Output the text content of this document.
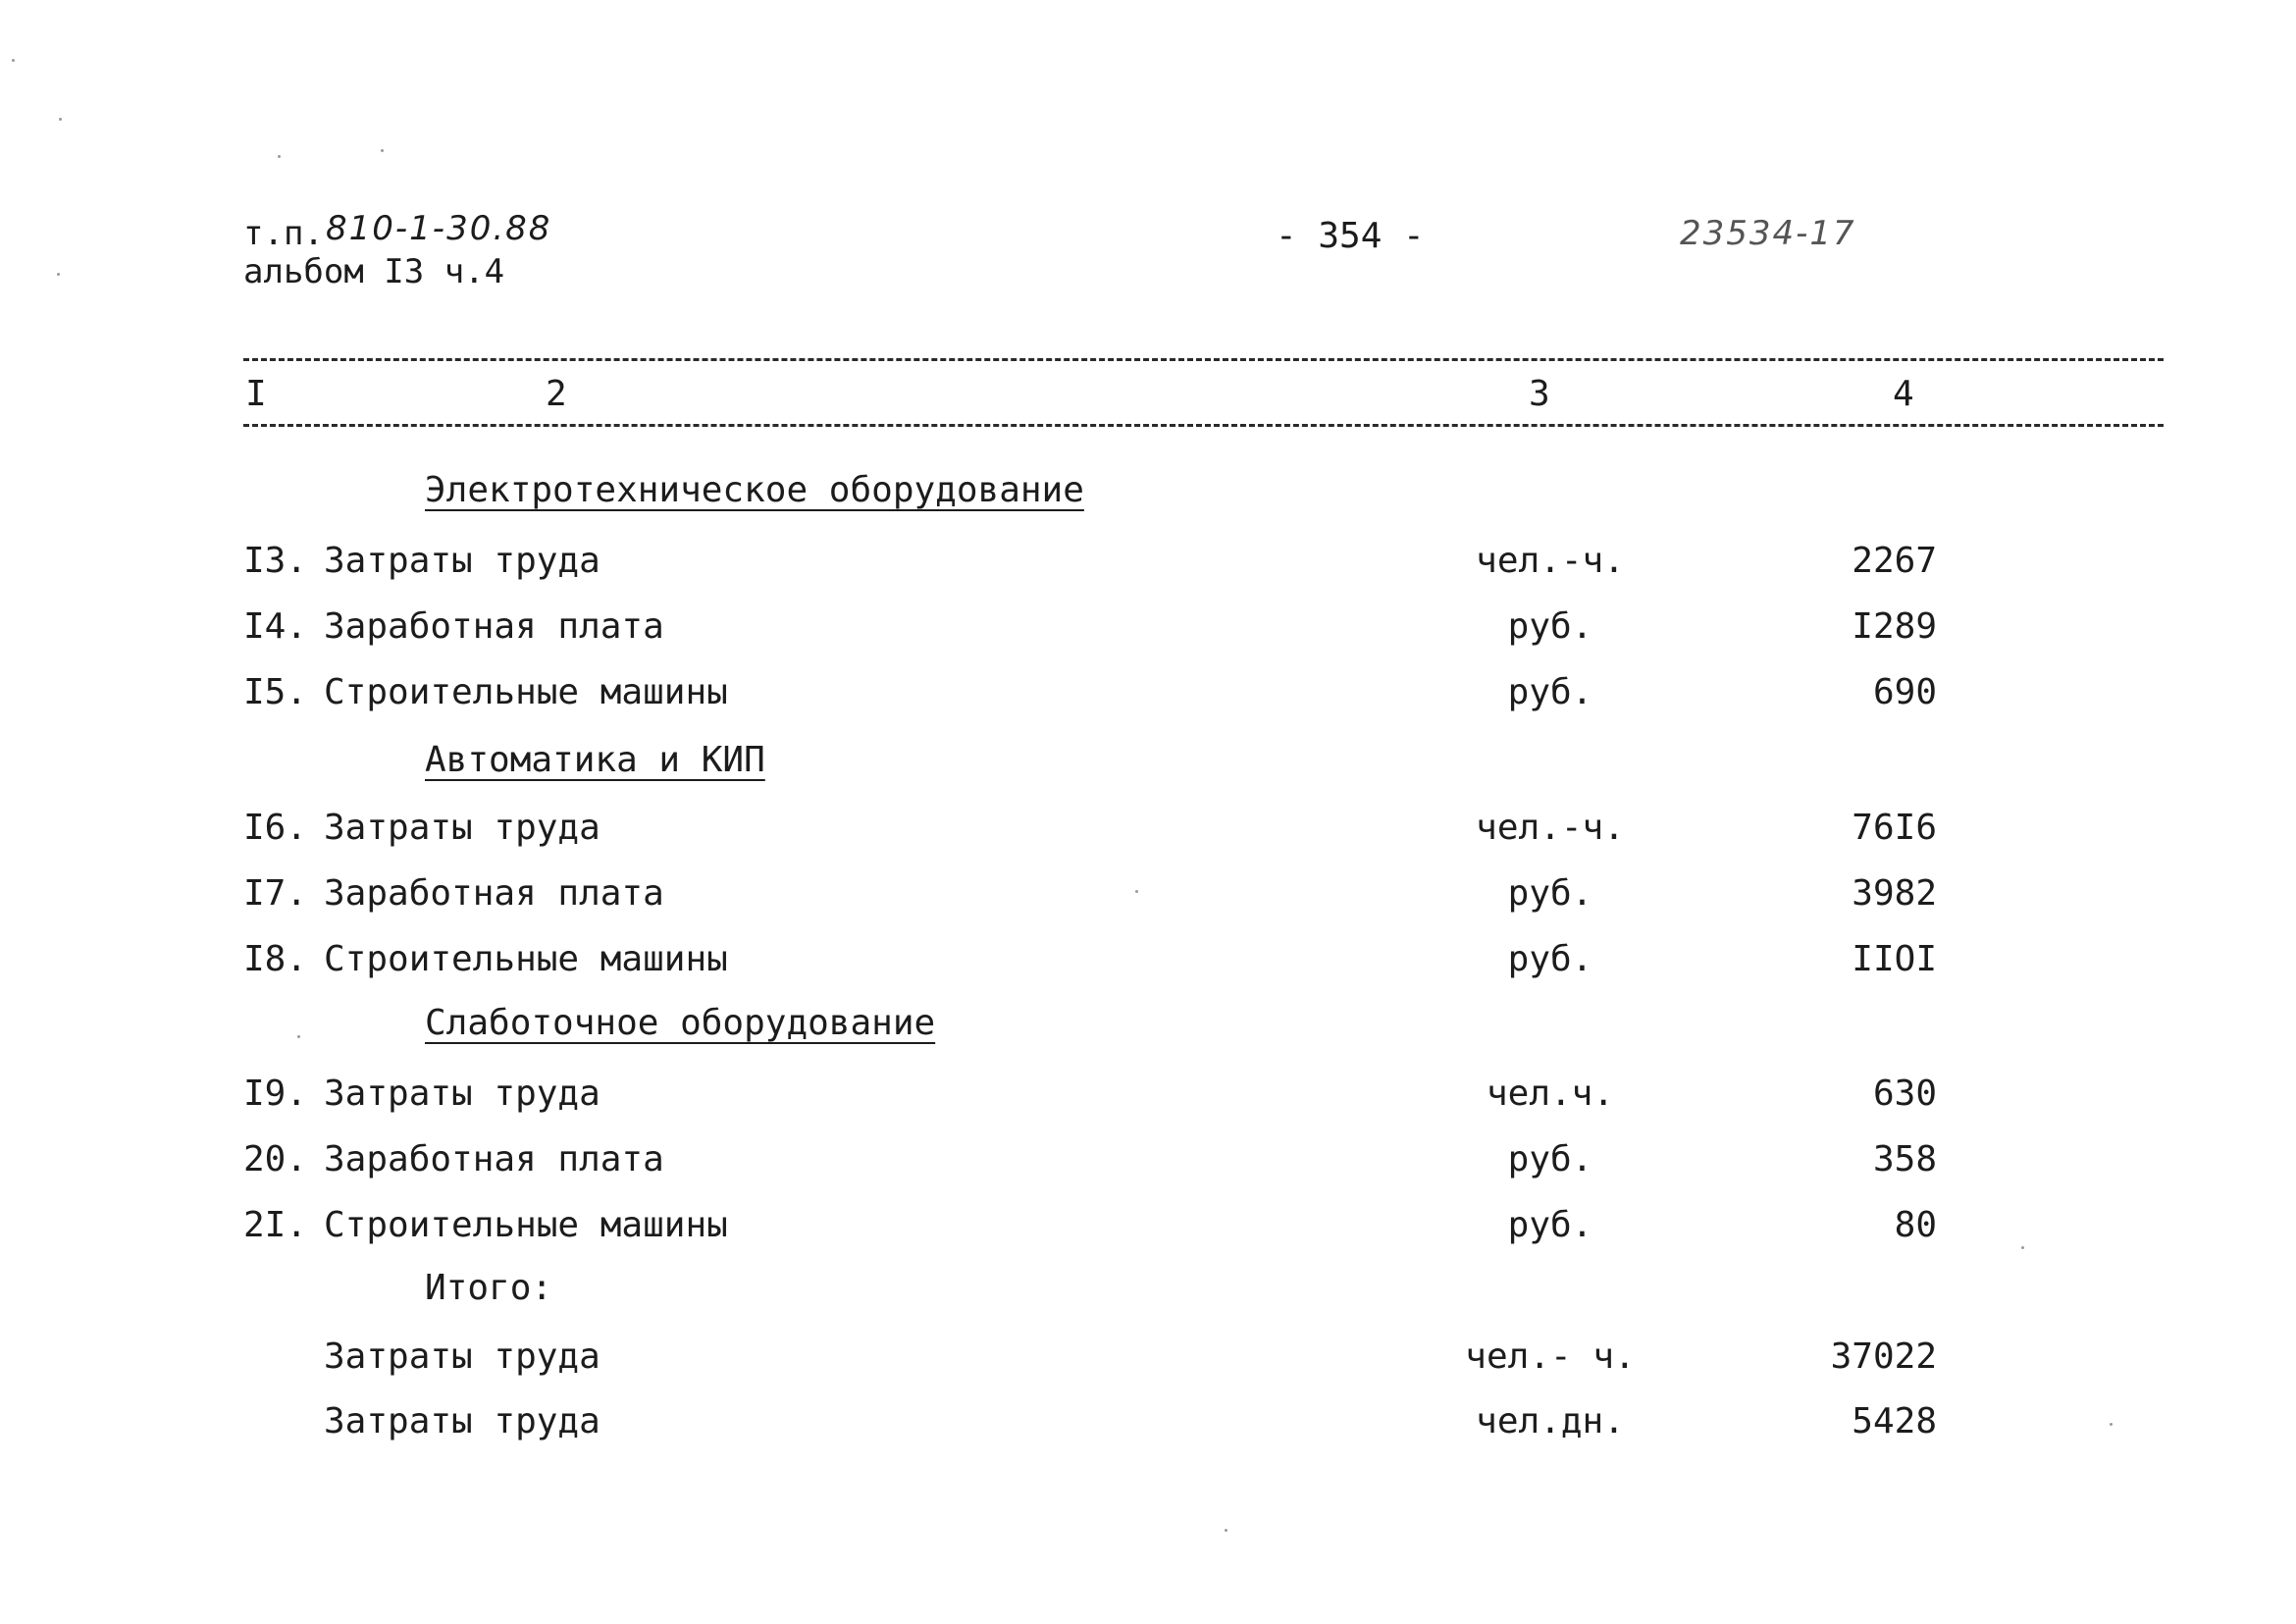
т.п. 810-1-30.88
альбом I3 ч.4
- 354 -	23534-17
I	2	3	4
Электротехническое оборудование
I3. Затраты труда	чел.-ч.	2267
I4. Заработная плата	руб.	I289
I5. Строительные машины	руб.	690
Автоматика и КИП
I6. Затраты труда	чел.-ч.	76I6
I7. Заработная плата	руб.	3982
I8. Строительные машины	руб.	IIOI
Слаботочное оборудование
I9. Затраты труда	чел.ч.	630
20. Заработная плата	руб.	358
2I. Строительные машины	руб.	80
Итого:
Затраты труда	чел.- ч.	37022
Затраты труда	чел.дн.	5428
